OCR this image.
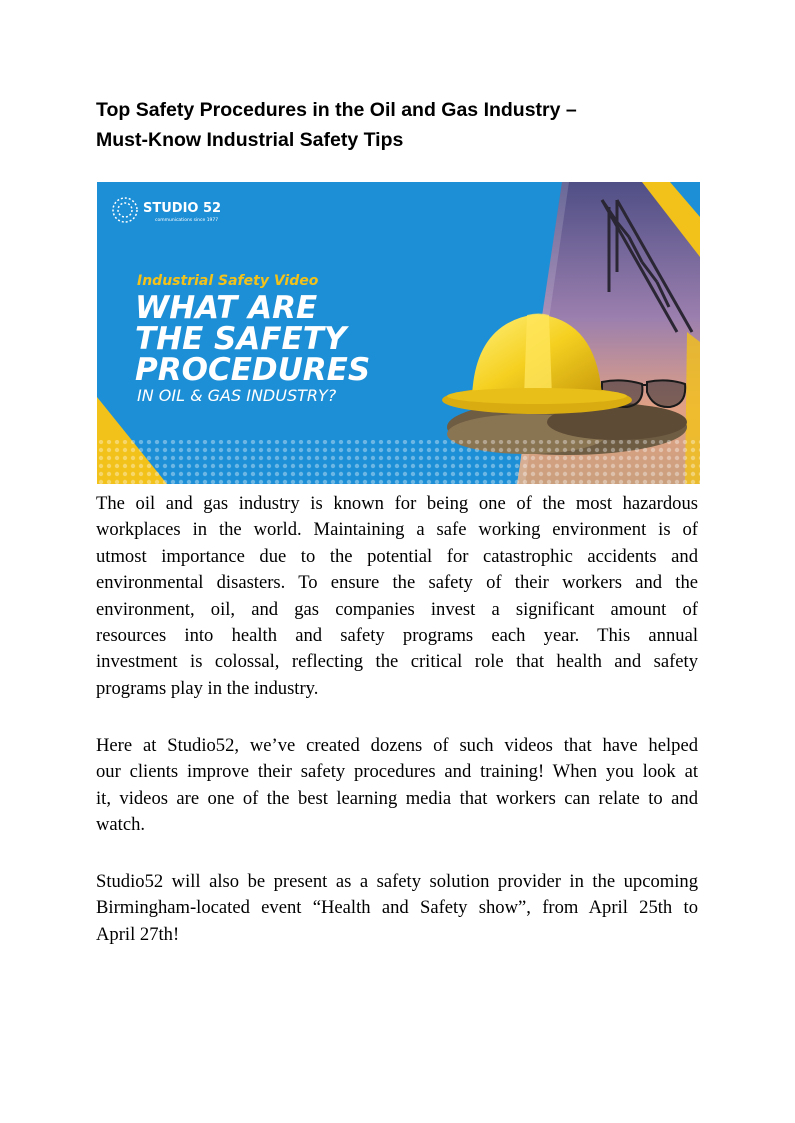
Top Safety Procedures in the Oil and Gas Industry –
Must-Know Industrial Safety Tips
STUDIO 52
communications since 1977
Industrial Safety Video
WHAT ARE
THE SAFETY
PROCEDURES
IN OIL & GAS INDUSTRY?
The oil and gas industry is known for being one of the most hazardous
workplaces in the world. Maintaining a safe working environment is of
utmost importance due to the potential for catastrophic accidents and
environmental disasters. To ensure the safety of their workers and the
environment, oil, and gas companies invest a significant amount of
resources into health and safety programs each year. This annual
investment is colossal, reflecting the critical role that health and safety
programs play in the industry.
Here at Studio52, we’ve created dozens of such videos that have helped
our clients improve their safety procedures and training! When you look at
it, videos are one of the best learning media that workers can relate to and
watch.
Studio52 will also be present as a safety solution provider in the upcoming
Birmingham-located event “Health and Safety show”, from April 25th to
April 27th!
